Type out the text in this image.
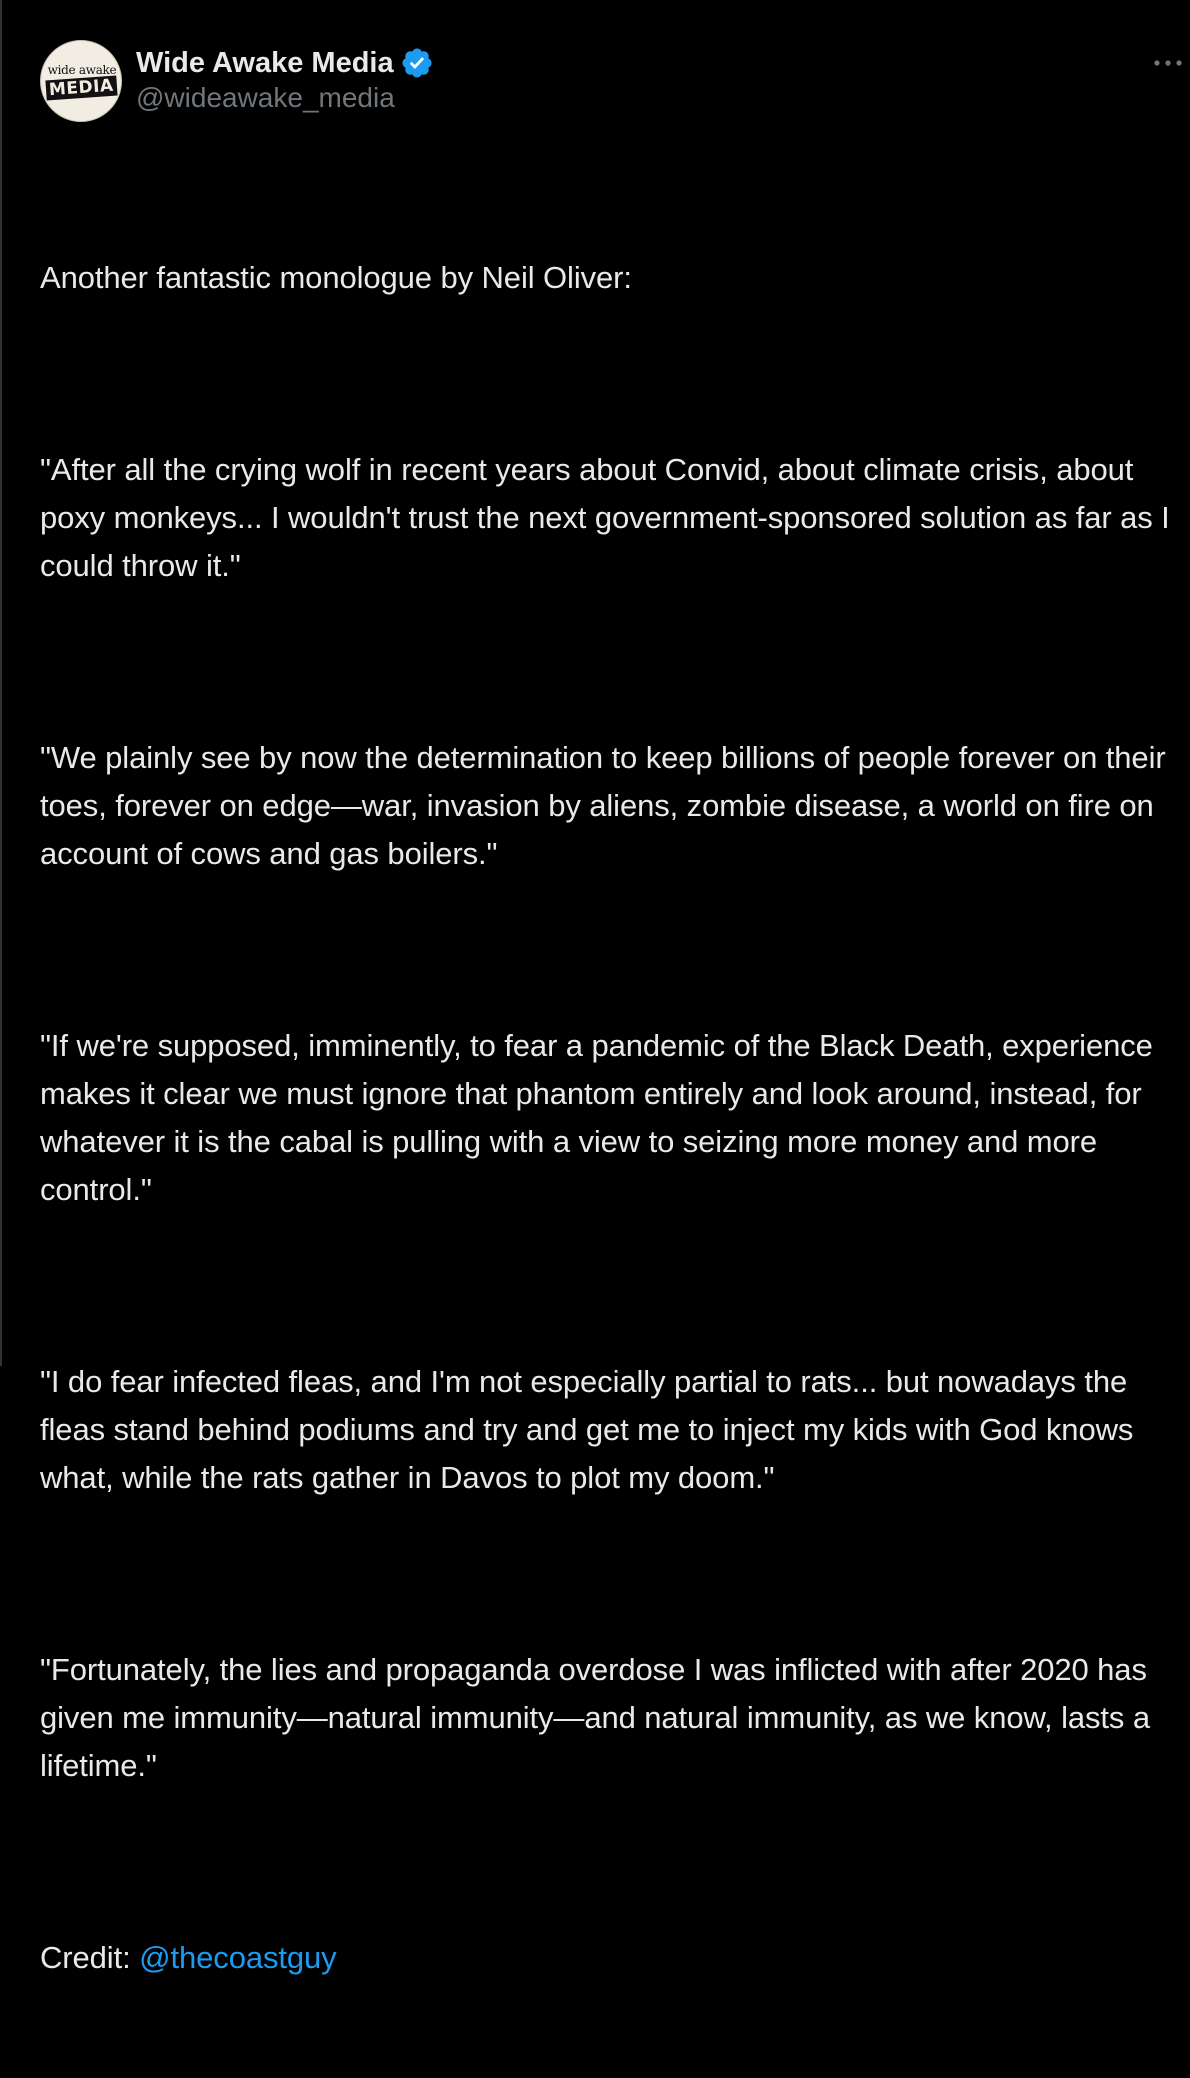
wide awake
MEDIA
Wide Awake Media
@wideawake_media

Another fantastic monologue by Neil Oliver:

"After all the crying wolf in recent years about Convid, about climate crisis, about poxy monkeys... I wouldn't trust the next government-sponsored solution as far as I could throw it."

"We plainly see by now the determination to keep billions of people forever on their toes, forever on edge—war, invasion by aliens, zombie disease, a world on fire on account of cows and gas boilers."

"If we're supposed, imminently, to fear a pandemic of the Black Death, experience makes it clear we must ignore that phantom entirely and look around, instead, for whatever it is the cabal is pulling with a view to seizing more money and more control."

"I do fear infected fleas, and I'm not especially partial to rats... but nowadays the fleas stand behind podiums and try and get me to inject my kids with God knows what, while the rats gather in Davos to plot my doom."

"Fortunately, the lies and propaganda overdose I was inflicted with after 2020 has given me immunity—natural immunity—and natural immunity, as we know, lasts a lifetime."

Credit: @thecoastguy
